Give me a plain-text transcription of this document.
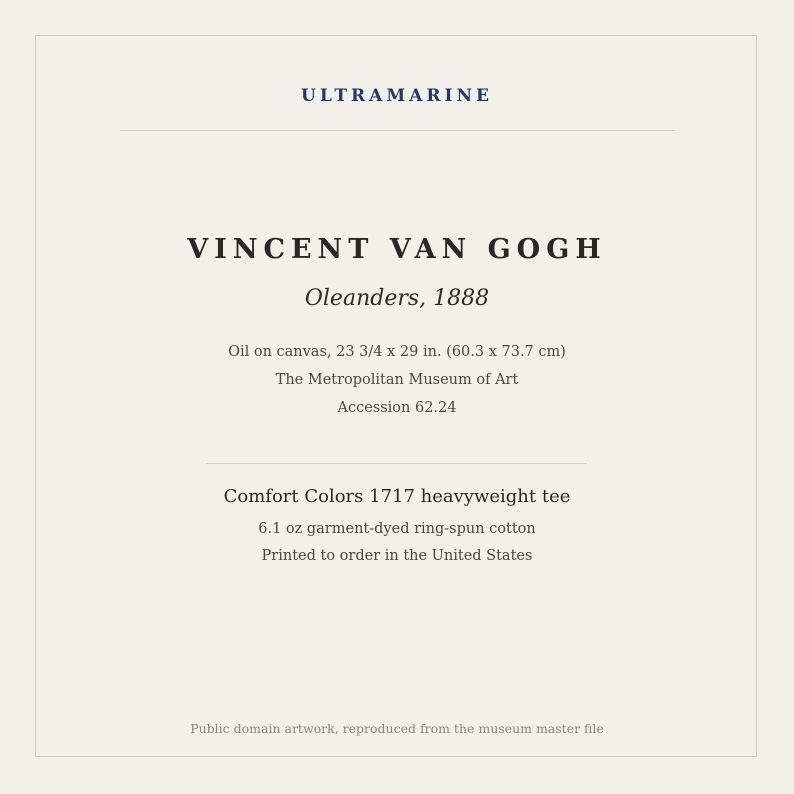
ULTRAMARINE
VINCENT VAN GOGH
Oleanders, 1888
Oil on canvas, 23 3/4 x 29 in. (60.3 x 73.7 cm)
The Metropolitan Museum of Art
Accession 62.24
Comfort Colors 1717 heavyweight tee
6.1 oz garment-dyed ring-spun cotton
Printed to order in the United States
Public domain artwork, reproduced from the museum master file
